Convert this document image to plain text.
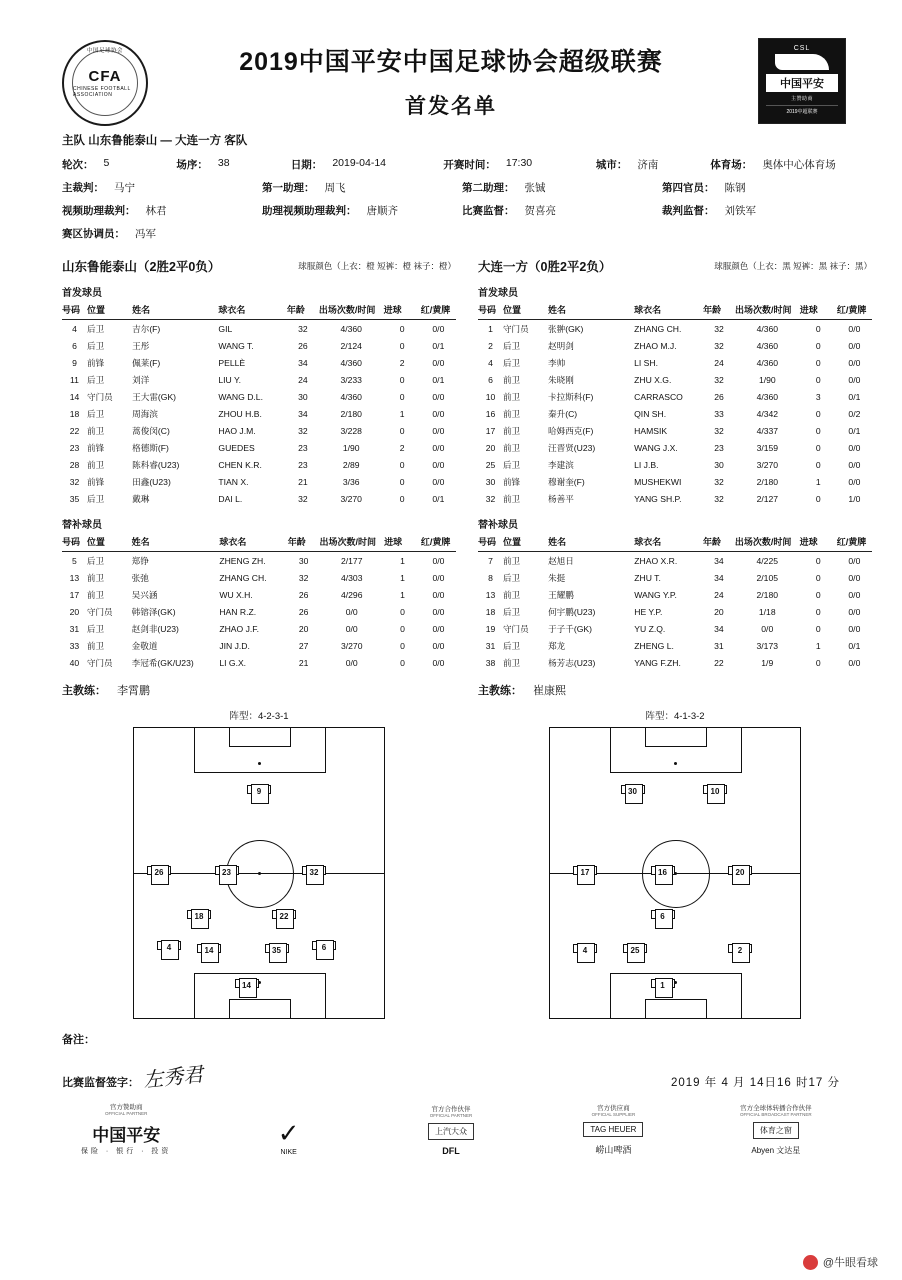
中国足球协会
CFA
CHINESE FOOTBALL ASSOCIATION
2019中国平安中国足球协会超级联赛
首发名单
CSL
中国平安
主赞助商
2019中超联赛
主队 山东鲁能泰山 — 大连一方 客队
轮次： 5	场序： 38	日期： 2019-04-14	开赛时间： 17:30	城市： 济南	体育场： 奥体中心体育场
主裁判： 马宁	第一助理： 周飞	第二助理： 张铖	第四官员： 陈钢
视频助理裁判： 林君	助理视频助理裁判： 唐顺齐	比赛监督： 贺喜亮	裁判监督： 刘铁军
赛区协调员： 冯军
山东鲁能泰山（2胜2平0负）	球服颜色（上衣：橙 短裤：橙 袜子：橙）
首发球员
号码	位置	姓名	球衣名	年龄	出场次数/时间	进球	红/黄牌
4	后卫	吉尔(F)	GIL	32	4/360	0	0/0
6	后卫	王彤	WANG T.	26	2/124	0	0/1
9	前锋	佩莱(F)	PELLÈ	34	4/360	2	0/0
11	后卫	刘洋	LIU Y.	24	3/233	0	0/1
14	守门员	王大雷(GK)	WANG D.L.	30	4/360	0	0/0
18	后卫	周海滨	ZHOU H.B.	34	2/180	1	0/0
22	前卫	蒿俊闵(C)	HAO J.M.	32	3/228	0	0/0
23	前锋	格德斯(F)	GUEDES	23	1/90	2	0/0
28	前卫	陈科睿(U23)	CHEN K.R.	23	2/89	0	0/0
32	前锋	田鑫(U23)	TIAN X.	21	3/36	0	0/0
35	后卫	戴琳	DAI L.	32	3/270	0	0/1
替补球员
号码	位置	姓名	球衣名	年龄	出场次数/时间	进球	红/黄牌
5	后卫	郑铮	ZHENG ZH.	30	2/177	1	0/0
13	前卫	张弛	ZHANG CH.	32	4/303	1	0/0
17	前卫	吴兴涵	WU X.H.	26	4/296	1	0/0
20	守门员	韩镕泽(GK)	HAN R.Z.	26	0/0	0	0/0
31	后卫	赵剑非(U23)	ZHAO J.F.	20	0/0	0	0/0
33	前卫	金敬道	JIN J.D.	27	3/270	0	0/0
40	守门员	李冠希(GK/U23)	LI G.X.	21	0/0	0	0/0
主教练： 李霄鹏
大连一方（0胜2平2负）	球服颜色（上衣：黑 短裤：黑 袜子：黑）
首发球员
号码	位置	姓名	球衣名	年龄	出场次数/时间	进球	红/黄牌
1	守门员	张翀(GK)	ZHANG CH.	32	4/360	0	0/0
2	后卫	赵明剑	ZHAO M.J.	32	4/360	0	0/0
4	后卫	李帅	LI SH.	24	4/360	0	0/0
6	前卫	朱晓刚	ZHU X.G.	32	1/90	0	0/0
10	前卫	卡拉斯科(F)	CARRASCO	26	4/360	3	0/1
16	前卫	秦升(C)	QIN SH.	33	4/342	0	0/2
17	前卫	哈姆西克(F)	HAMSIK	32	4/337	0	0/1
20	前卫	汪晋贤(U23)	WANG J.X.	23	3/159	0	0/0
25	后卫	李建滨	LI J.B.	30	3/270	0	0/0
30	前锋	穆谢奎(F)	MUSHEKWI	32	2/180	1	0/0
32	前卫	杨善平	YANG SH.P.	32	2/127	0	1/0
替补球员
号码	位置	姓名	球衣名	年龄	出场次数/时间	进球	红/黄牌
7	前卫	赵旭日	ZHAO X.R.	34	4/225	0	0/0
8	后卫	朱挺	ZHU T.	34	2/105	0	0/0
13	前卫	王耀鹏	WANG Y.P.	24	2/180	0	0/0
18	后卫	何宇鹏(U23)	HE Y.P.	20	1/18	0	0/0
19	守门员	于子千(GK)	YU Z.Q.	34	0/0	0	0/0
31	后卫	郑龙	ZHENG L.	31	3/173	1	0/1
38	前卫	杨芳志(U23)	YANG F.ZH.	22	1/9	0	0/0
主教练： 崔康熙
阵型：4-2-3-1
9
26	23	32
18	22
4	14	35	6
14
阵型：4-1-3-2
30	10
17	16	20
6
4	25	2
1
备注：
比赛监督签字： 左秀君	2019 年 4 月 14日16 时17 分
官方赞助商
OFFICIAL PARTNER
中国平安
保险 · 银行 · 投资
✓
NIKE
官方合作伙伴
OFFICIAL PARTNER
上汽大众
DFL
官方供应商
OFFICIAL SUPPLIER
TAG HEUER
崂山啤酒
官方全球体转播合作伙伴
OFFICIAL BROADCAST PARTNER
体育之窗
Abyen 文达星
@牛眼看球
